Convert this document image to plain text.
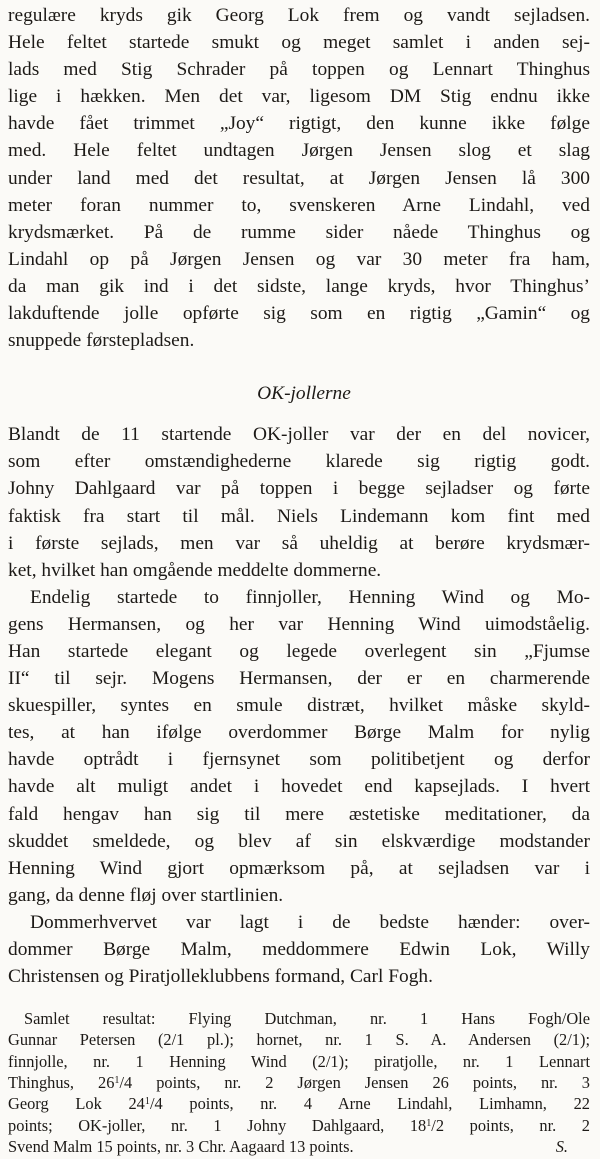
regulære kryds gik Georg Lok frem og vandt sejladsen.
Hele feltet startede smukt og meget samlet i anden sej-
lads med Stig Schrader på toppen og Lennart Thinghus
lige i hækken. Men det var, ligesom DM Stig endnu ikke
havde fået trimmet „Joy“ rigtigt, den kunne ikke følge
med. Hele feltet undtagen Jørgen Jensen slog et slag
under land med det resultat, at Jørgen Jensen lå 300
meter foran nummer to, svenskeren Arne Lindahl, ved
krydsmærket. På de rumme sider nåede Thinghus og
Lindahl op på Jørgen Jensen og var 30 meter fra ham,
da man gik ind i det sidste, lange kryds, hvor Thinghus’
lakduftende jolle opførte sig som en rigtig „Gamin“ og
snuppede førstepladsen.

OK-jollerne

Blandt de 11 startende OK-joller var der en del novicer,
som efter omstændighederne klarede sig rigtig godt.
Johny Dahlgaard var på toppen i begge sejladser og førte
faktisk fra start til mål. Niels Lindemann kom fint med
i første sejlads, men var så uheldig at berøre krydsmær-
ket, hvilket han omgående meddelte dommerne.

Endelig startede to finnjoller, Henning Wind og Mo-
gens Hermansen, og her var Henning Wind uimodståelig.
Han startede elegant og legede overlegent sin „Fjumse
II“ til sejr. Mogens Hermansen, der er en charmerende
skuespiller, syntes en smule distræt, hvilket måske skyld-
tes, at han ifølge overdommer Børge Malm for nylig
havde optrådt i fjernsynet som politibetjent og derfor
havde alt muligt andet i hovedet end kapsejlads. I hvert
fald hengav han sig til mere æstetiske meditationer, da
skuddet smeldede, og blev af sin elskværdige modstander
Henning Wind gjort opmærksom på, at sejladsen var i
gang, da denne fløj over startlinien.

Dommerhvervet var lagt i de bedste hænder: over-
dommer Børge Malm, meddommere Edwin Lok, Willy
Christensen og Piratjolleklubbens formand, Carl Fogh.

Samlet resultat: Flying Dutchman, nr. 1 Hans Fogh/Ole
Gunnar Petersen (2/1 pl.); hornet, nr. 1 S. A. Andersen (2/1);
finnjolle, nr. 1 Henning Wind (2/1); piratjolle, nr. 1 Lennart
Thinghus, $26^1/4$ points, nr. 2 Jørgen Jensen 26 points, nr. 3
Georg Lok $24^1/4$ points, nr. 4 Arne Lindahl, Limhamn, 22
points; OK-joller, nr. 1 Johny Dahlgaard, $18^1/2$ points, nr. 2
Svend Malm 15 points, nr. 3 Chr. Aagaard 13 points.	S.
